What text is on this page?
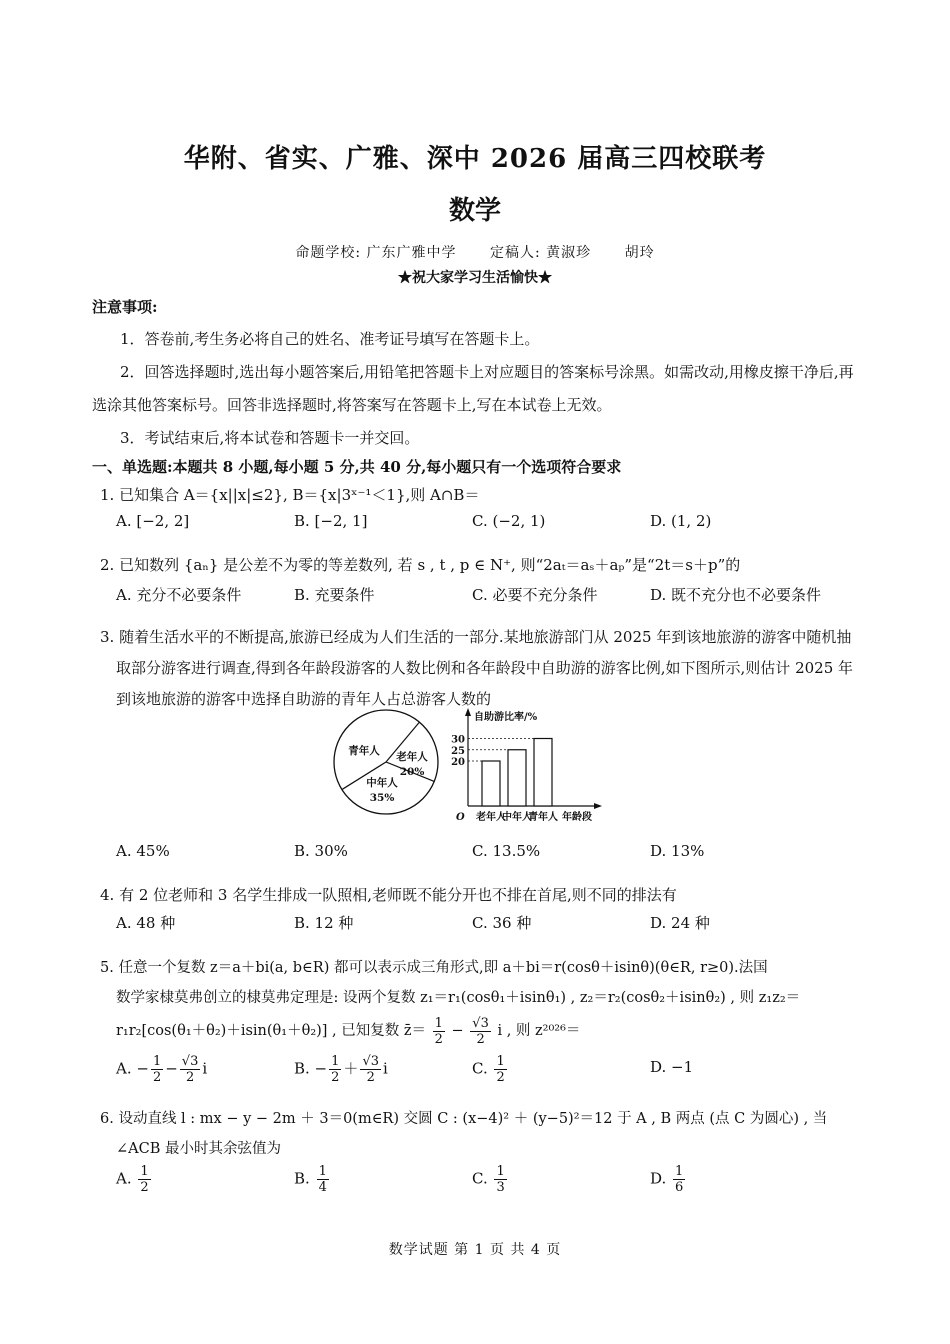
华附、省实、广雅、深中 2026 届高三四校联考
数学
命题学校: 广东广雅中学 定稿人: 黄淑珍 胡玲
★祝大家学习生活愉快★
注意事项:
1．答卷前,考生务必将自己的姓名、准考证号填写在答题卡上。
2．回答选择题时,选出每小题答案后,用铅笔把答题卡上对应题目的答案标号涂黑。如需改动,用橡皮擦干净后,再选涂其他答案标号。回答非选择题时,将答案写在答题卡上,写在本试卷上无效。
3．考试结束后,将本试卷和答题卡一并交回。
一、单选题:本题共 8 小题,每小题 5 分,共 40 分,每小题只有一个选项符合要求
1. 已知集合 A＝{x||x|≤2}, B＝{x|3ˣ⁻¹＜1},则 A∩B＝
A. [−2, 2]	B. [−2, 1]	C. (−2, 1)	D. (1, 2)
2. 已知数列 {aₙ} 是公差不为零的等差数列, 若 s , t , p ∈ N⁺, 则“2aₜ＝aₛ＋aₚ”是“2t＝s＋p”的
A. 充分不必要条件	B. 充要条件	C. 必要不充分条件	D. 既不充分也不必要条件
3. 随着生活水平的不断提高,旅游已经成为人们生活的一部分.某地旅游部门从 2025 年到该地旅游的游客中随机抽取部分游客进行调查,得到各年龄段游客的人数比例和各年龄段中自助游的游客比例,如下图所示,则估计 2025 年到该地旅游的游客中选择自助游的青年人占总游客人数的
老年人
20%
中年人
35%
青年人
自助游比率/%
O
20
老年人
25
中年人
30
青年人 年龄段
A. 45%	B. 30%	C. 13.5%	D. 13%
4. 有 2 位老师和 3 名学生排成一队照相,老师既不能分开也不排在首尾,则不同的排法有
A. 48 种	B. 12 种	C. 36 种	D. 24 种
5. 任意一个复数 z＝a＋bi(a, b∈R) 都可以表示成三角形式,即 a＋bi＝r(cosθ＋isinθ)(θ∈R, r≥0).法国
数学家棣莫弗创立的棣莫弗定理是: 设两个复数 z₁＝r₁(cosθ₁＋isinθ₁) , z₂＝r₂(cosθ₂＋isinθ₂) , 则 z₁z₂＝
r₁r₂[cos(θ₁＋θ₂)＋isin(θ₁＋θ₂)] , 已知复数 z̄＝ $\frac{1}{2} - \frac{√3}{2}$ i , 则 z²⁰²⁶＝
A. − $\frac{1}{2} - \frac{√3}{2}$ i	B. − $\frac{1}{2} + \frac{√3}{2}$ i	C. $\frac{1}{2}$	D. −1
6. 设动直线 l : mx − y − 2m ＋ 3＝0(m∈R) 交圆 C : (x−4)² ＋ (y−5)²＝12 于 A , B 两点 (点 C 为圆心) , 当
∠ACB 最小时其余弦值为
A. $\frac{1}{2}$	B. $\frac{1}{4}$	C. $\frac{1}{3}$	D. $\frac{1}{6}$
数学试题 第 1 页 共 4 页
